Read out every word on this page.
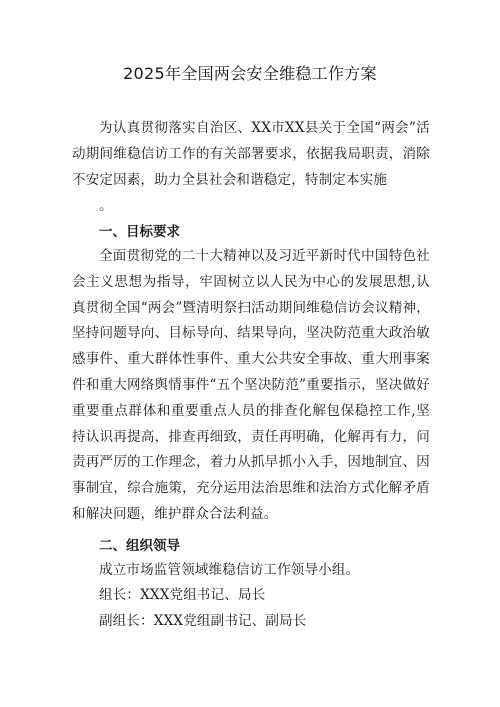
2025年全国两会安全维稳工作方案

为认真贯彻落实自治区、XX市XX县关于全国“两会”活动期间维稳信访工作的有关部署要求，依据我局职责，消除不安定因素，助力全县社会和谐稳定，特制定本实施

。

一、目标要求

全面贯彻党的二十大精神以及习近平新时代中国特色社会主义思想为指导，牢固树立以人民为中心的发展思想,认真贯彻全国“两会”暨清明祭扫活动期间维稳信访会议精神，坚持问题导向、目标导向、结果导向，坚决防范重大政治敏感事件、重大群体性事件、重大公共安全事故、重大刑事案件和重大网络舆情事件“五个坚决防范”重要指示，坚决做好重要重点群体和重要重点人员的排查化解包保稳控工作,坚持认识再提高，排查再细致，责任再明确，化解再有力，问责再严厉的工作理念，着力从抓早抓小入手，因地制宜、因事制宜，综合施策，充分运用法治思维和法治方式化解矛盾和解决问题，维护群众合法利益。

二、组织领导

成立市场监管领域维稳信访工作领导小组。

组长：XXX党组书记、局长

副组长：XXX党组副书记、副局长
